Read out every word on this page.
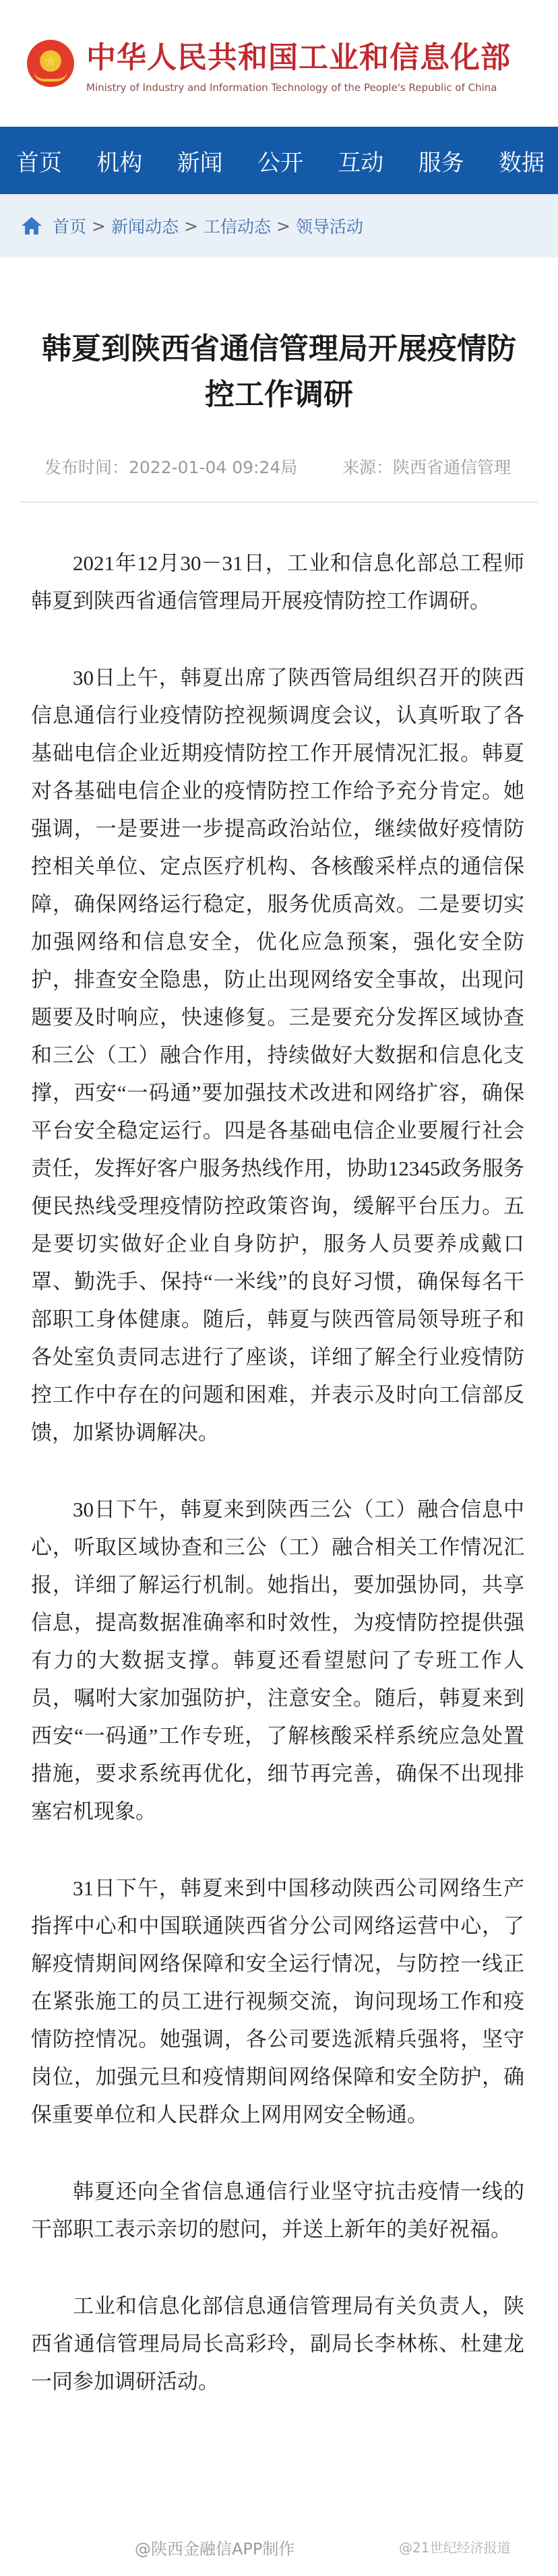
★
中华人民共和国工业和信息化部
Ministry of Industry and Information Technology of the People's Republic of China
首页 机构 新闻 公开 互动 服务 数据
首页 > 新闻动态 > 工信动态 > 领导活动
韩夏到陕西省通信管理局开展疫情防控工作调研
发布时间：2022-01-04 09:24局	来源：陕西省通信管理

2021年12月30－31日，工业和信息化部总工程师韩夏到陕西省通信管理局开展疫情防控工作调研。

30日上午，韩夏出席了陕西管局组织召开的陕西信息通信行业疫情防控视频调度会议，认真听取了各基础电信企业近期疫情防控工作开展情况汇报。韩夏对各基础电信企业的疫情防控工作给予充分肯定。她强调，一是要进一步提高政治站位，继续做好疫情防控相关单位、定点医疗机构、各核酸采样点的通信保障，确保网络运行稳定，服务优质高效。二是要切实加强网络和信息安全，优化应急预案，强化安全防护，排查安全隐患，防止出现网络安全事故，出现问题要及时响应，快速修复。三是要充分发挥区域协查和三公（工）融合作用，持续做好大数据和信息化支撑，西安“一码通”要加强技术改进和网络扩容，确保平台安全稳定运行。四是各基础电信企业要履行社会责任，发挥好客户服务热线作用，协助12345政务服务便民热线受理疫情防控政策咨询，缓解平台压力。五是要切实做好企业自身防护，服务人员要养成戴口罩、勤洗手、保持“一米线”的良好习惯，确保每名干部职工身体健康。随后，韩夏与陕西管局领导班子和各处室负责同志进行了座谈，详细了解全行业疫情防控工作中存在的问题和困难，并表示及时向工信部反馈，加紧协调解决。

30日下午，韩夏来到陕西三公（工）融合信息中心，听取区域协查和三公（工）融合相关工作情况汇报，详细了解运行机制。她指出，要加强协同，共享信息，提高数据准确率和时效性，为疫情防控提供强有力的大数据支撑。韩夏还看望慰问了专班工作人员，嘱咐大家加强防护，注意安全。随后，韩夏来到西安“一码通”工作专班，了解核酸采样系统应急处置措施，要求系统再优化，细节再完善，确保不出现排塞宕机现象。

31日下午，韩夏来到中国移动陕西公司网络生产指挥中心和中国联通陕西省分公司网络运营中心，了解疫情期间网络保障和安全运行情况，与防控一线正在紧张施工的员工进行视频交流，询问现场工作和疫情防控情况。她强调，各公司要选派精兵强将，坚守岗位，加强元旦和疫情期间网络保障和安全防护，确保重要单位和人民群众上网用网安全畅通。

韩夏还向全省信息通信行业坚守抗击疫情一线的干部职工表示亲切的慰问，并送上新年的美好祝福。

工业和信息化部信息通信管理局有关负责人，陕西省通信管理局局长高彩玲，副局长李林栋、杜建龙一同参加调研活动。

@陕西金融信APP制作	@21世纪经济报道
